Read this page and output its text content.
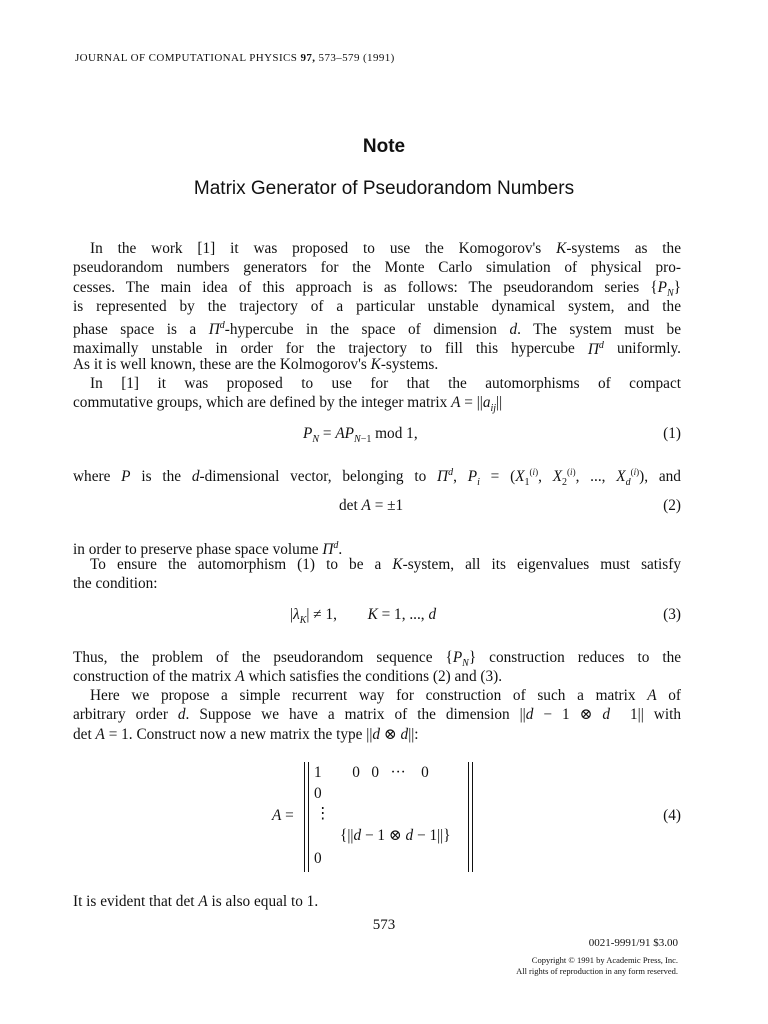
JOURNAL OF COMPUTATIONAL PHYSICS 97, 573–579 (1991)
Note
Matrix Generator of Pseudorandom Numbers
In the work [1] it was proposed to use the Komogorov's K-systems as the
pseudorandom numbers generators for the Monte Carlo simulation of physical pro-
cesses. The main idea of this approach is as follows: The pseudorandom series $\{P_N\}$
is represented by the trajectory of a particular unstable dynamical system, and the
phase space is a $\Pi^d$-hypercube in the space of dimension d. The system must be
maximally unstable in order for the trajectory to fill this hypercube $\Pi^d$ uniformly.
As it is well known, these are the Kolmogorov's K-systems.
In [1] it was proposed to use for that the automorphisms of compact
commutative groups, which are defined by the integer matrix $A = ||a_{ij}||$
$P_N = AP_{N-1}$ mod 1,	(1)
where P is the d-dimensional vector, belonging to $\Pi^d$, $P_i = (X_1^{(i)}$, $X_2^{(i)}$, ..., $X_d^{(i)}$), and
det A = ±1	(2)
in order to preserve phase space volume $\Pi^d$.
To ensure the automorphism (1) to be a K-system, all its eigenvalues must satisfy
the condition:
$|\lambda_K| \ne 1$,        K = 1, ..., d	(3)
Thus, the problem of the pseudorandom sequence $\{P_N\}$ construction reduces to the
construction of the matrix A which satisfies the conditions (2) and (3).
Here we propose a simple recurrent way for construction of such a matrix A of
arbitrary order d. Suppose we have a matrix of the dimension ||d − 1 ⊗ d  1|| with
det A = 1. Construct now a new matrix the type ||d ⊗ d||:
A =
1        0   0   ···    0
0
⋮
{||d − 1 ⊗ d − 1||}
0
(4)
It is evident that det A is also equal to 1.
573
0021-9991/91 $3.00
Copyright © 1991 by Academic Press, Inc.
All rights of reproduction in any form reserved.
